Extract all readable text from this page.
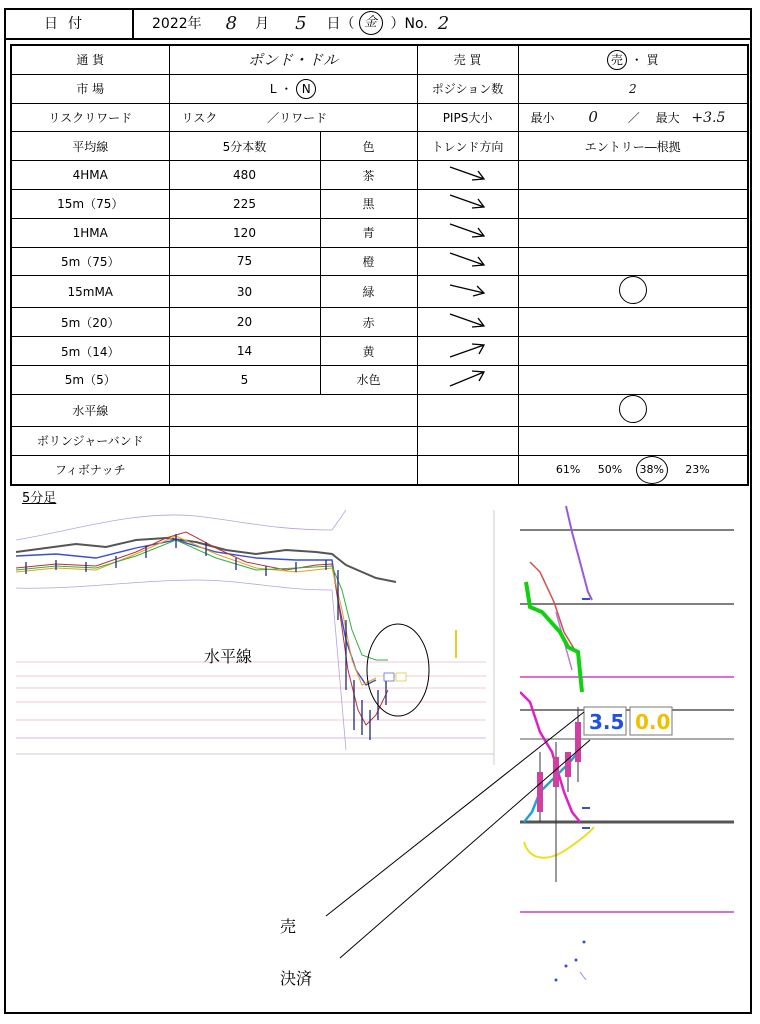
日付	2022年 8 月 5 日（ 金 ）No. 2
通 貨	ポンド・ドル		売 買	売 ・ 買
市 場	L ・ N		ポジション数	2
リスクリワード	リスク ／リワード		PIPS大小	最小 0 ／ 最大 +3.5
平均線	5分本数	色	トレンド方向	エントリー―根拠
4HMA	480	茶		
15m（75）	225	黒		
1HMA	120	青		
5m（75）	75	橙		
15mMA	30	緑		
5m（20）	20	赤		
5m（14）	14	黄		
5m（5）	5	水色		
水平線				
ボリンジャーバンド				
フィボナッチ				61% 50% 38% 23%
5分足
水平線
3.5 0.0
売
決済
